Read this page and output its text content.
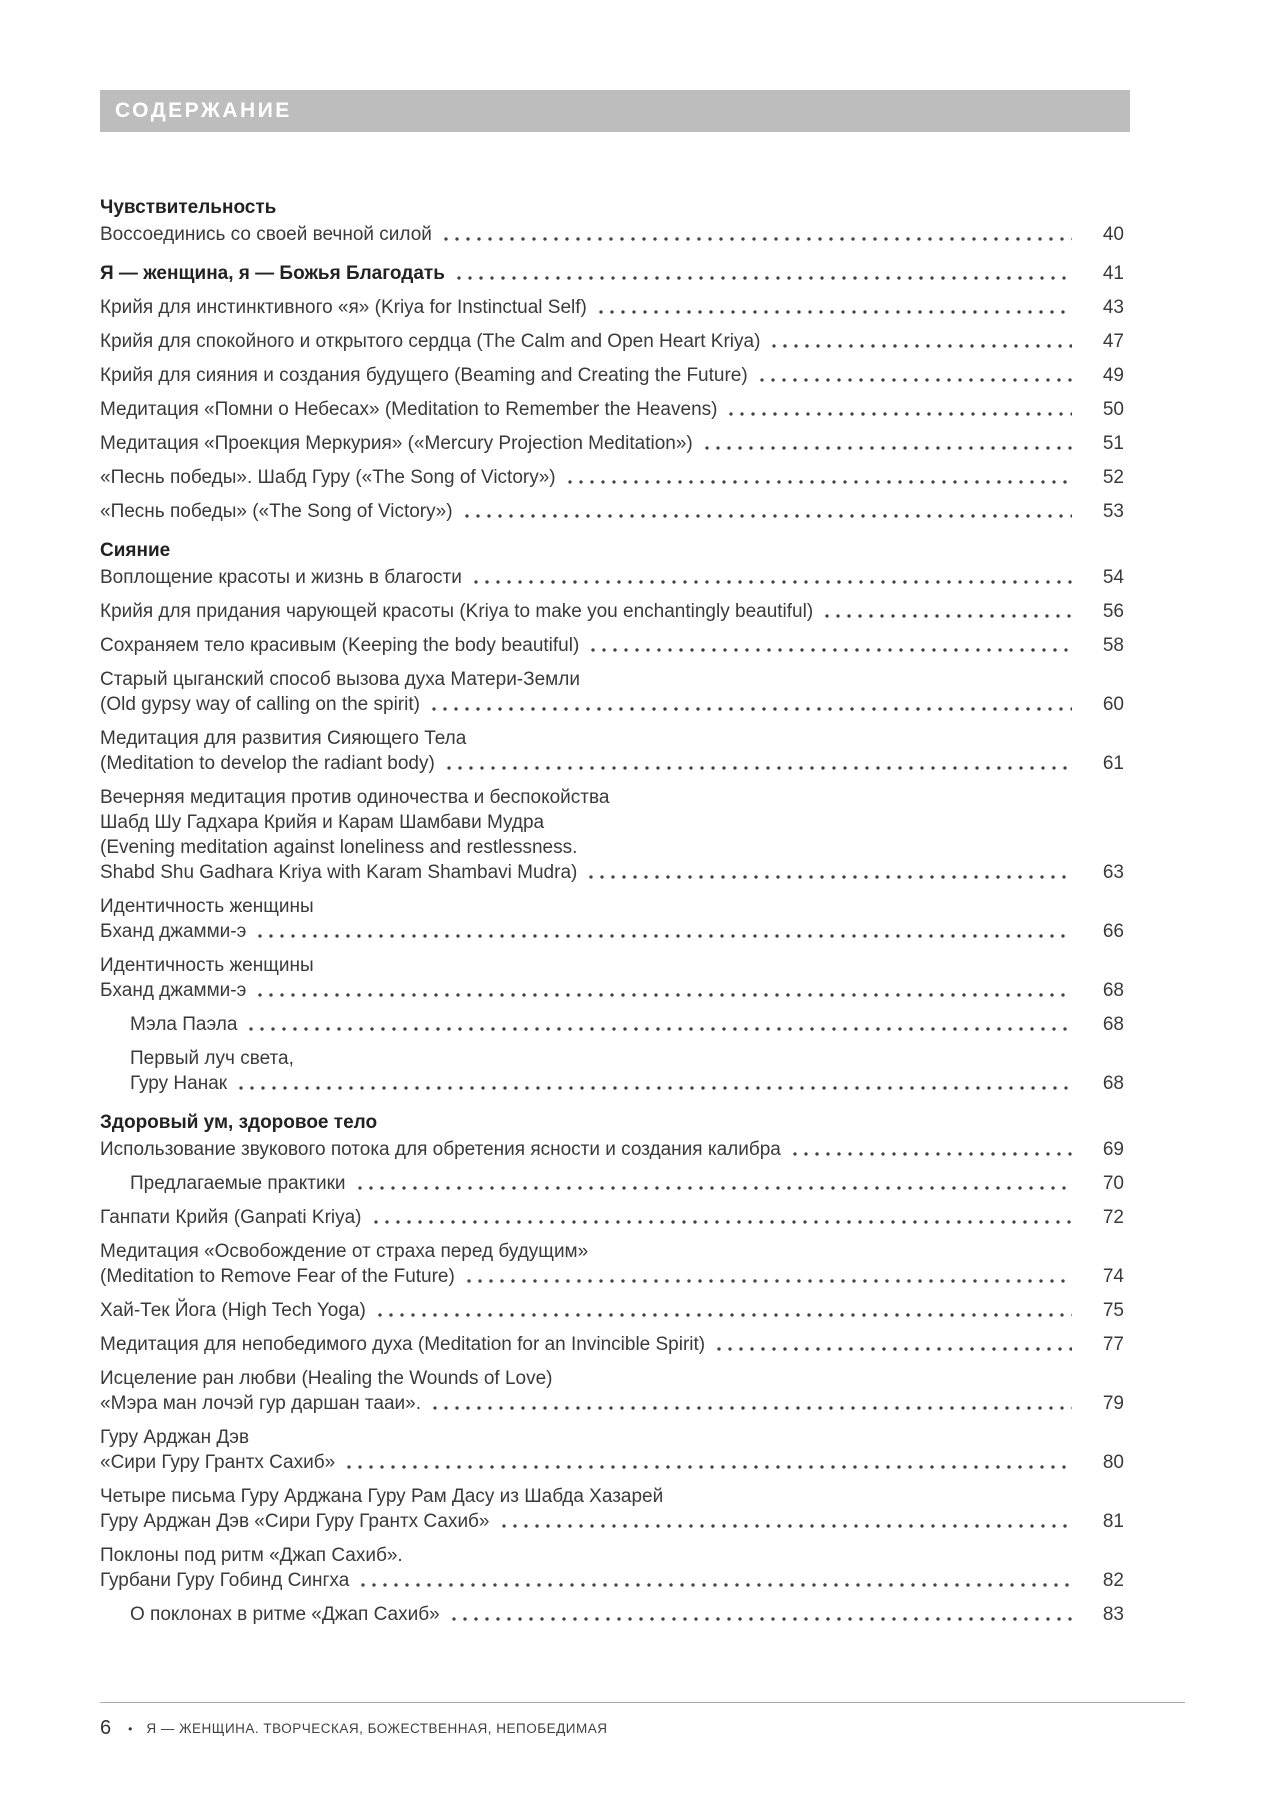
СОДЕРЖАНИЕ
Чувствительность
Воссоединись со своей вечной силой	40
Я — женщина, я — Божья Благодать	41
Крийя для инстинктивного «я» (Kriya for Instinctual Self)	43
Крийя для спокойного и открытого сердца (The Calm and Open Heart Kriya)	47
Крийя для сияния и создания будущего (Beaming and Creating the Future)	49
Медитация «Помни о Небесах» (Meditation to Remember the Heavens)	50
Медитация «Проекция Меркурия» («Mercury Projection Meditation»)	51
«Песнь победы». Шабд Гуру («The Song of Victory»)	52
«Песнь победы» («The Song of Victory»)	53
Сияние
Воплощение красоты и жизнь в благости	54
Крийя для придания чарующей красоты (Kriya to make you enchantingly beautiful)	56
Сохраняем тело красивым (Keeping the body beautiful)	58
Старый цыганский способ вызова духа Матери-Земли
(Old gypsy way of calling on the spirit)	60
Медитация для развития Сияющего Тела
(Meditation to develop the radiant body)	61
Вечерняя медитация против одиночества и беспокойства
Шабд Шу Гадхара Крийя и Карам Шамбави Мудра
(Evening meditation against loneliness and restlessness.
Shabd Shu Gadhara Kriya with Karam Shambavi Mudra)	63
Идентичность женщины
Бханд джамми-э	66
Идентичность женщины
Бханд джамми-э	68
Мэла Паэла	68
Первый луч света,
Гуру Нанак	68
Здоровый ум, здоровое тело
Использование звукового потока для обретения ясности и создания калибра	69
Предлагаемые практики	70
Ганпати Крийя (Ganpati Kriya)	72
Медитация «Освобождение от страха перед будущим»
(Meditation to Remove Fear of the Future)	74
Хай-Тек Йога (High Tech Yoga)	75
Медитация для непобедимого духа (Meditation for an Invincible Spirit)	77
Исцеление ран любви (Healing the Wounds of Love)
«Мэра ман лочэй гур даршан тааи».	79
Гуру Арджан Дэв
«Сири Гуру Грантх Сахиб»	80
Четыре письма Гуру Арджана Гуру Рам Дасу из Шабда Хазарей
Гуру Арджан Дэв «Сири Гуру Грантх Сахиб»	81
Поклоны под ритм «Джап Сахиб».
Гурбани Гуру Гобинд Сингха	82
О поклонах в ритме «Джап Сахиб»	83
6 • Я — ЖЕНЩИНА. ТВОРЧЕСКАЯ, БОЖЕСТВЕННАЯ, НЕПОБЕДИМАЯ
